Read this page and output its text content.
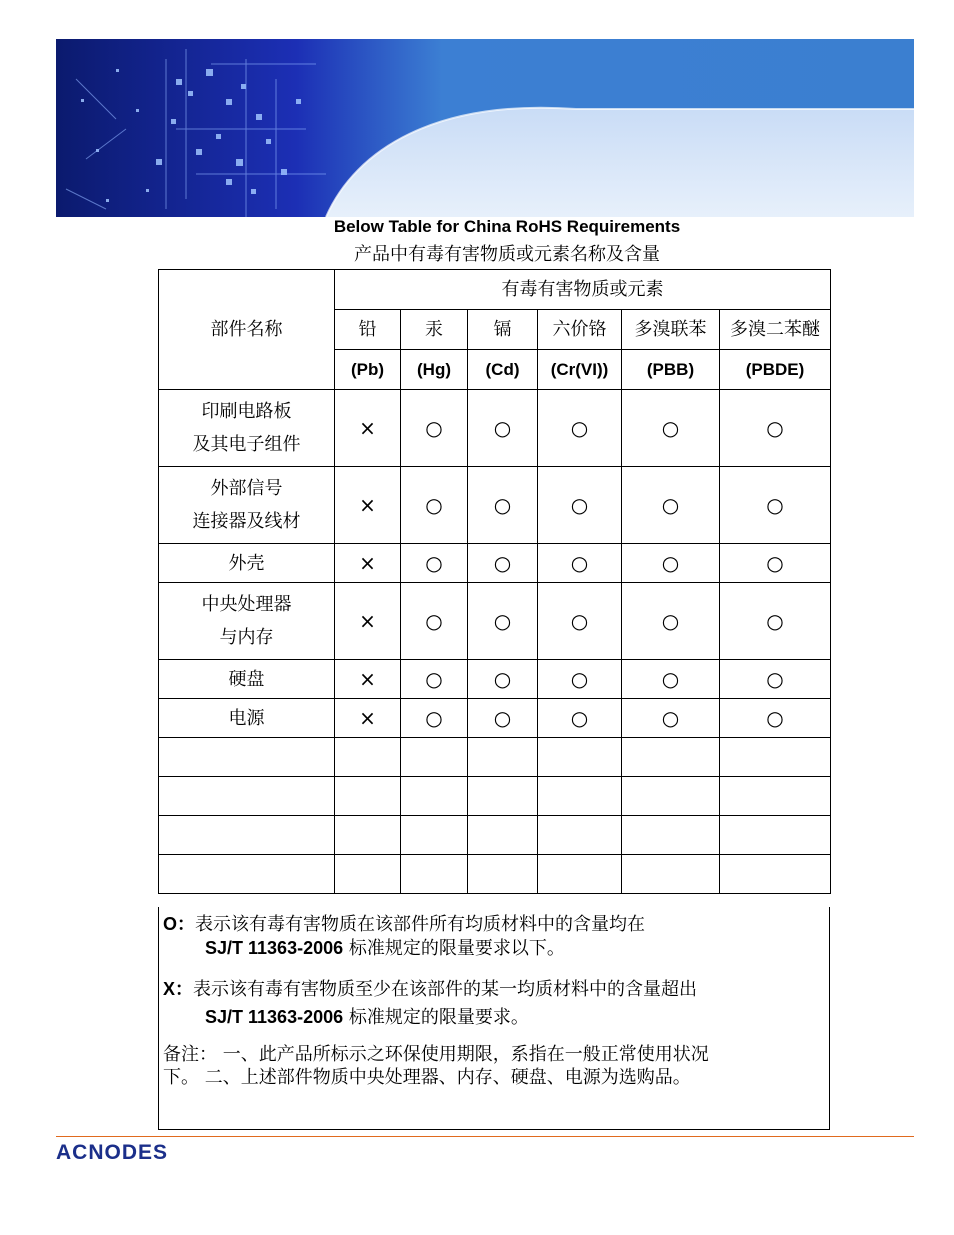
Below Table for China RoHS Requirements
产品中有毒有害物质或元素名称及含量
部件名称	有毒有害物质或元素					
	铅	汞	镉	六价铬	多溴联苯	多溴二苯醚
	(Pb)	(Hg)	(Cd)	(Cr(VI))	(PBB)	(PBDE)

印刷电路板
及其电子组件	×	○	○	○	○	○

外部信号
连接器及线材	×	○	○	○	○	○
外壳	×	○	○	○	○	○

中央处理器
与内存	×	○	○	○	○	○
硬盘	×	○	○	○	○	○
电源	×	○	○	○	○	○

O：表示该有毒有害物质在该部件所有均质材料中的含量均在
SJ/T 11363-2006 标准规定的限量要求以下。
X：表示该有毒有害物质至少在该部件的某一均质材料中的含量超出
SJ/T 11363-2006 标准规定的限量要求。
备注： 一、此产品所标示之环保使用期限，系指在一般正常使用状况下。 二、上述部件物质中央处理器、内存、硬盘、电源为选购品。
ACNODES
